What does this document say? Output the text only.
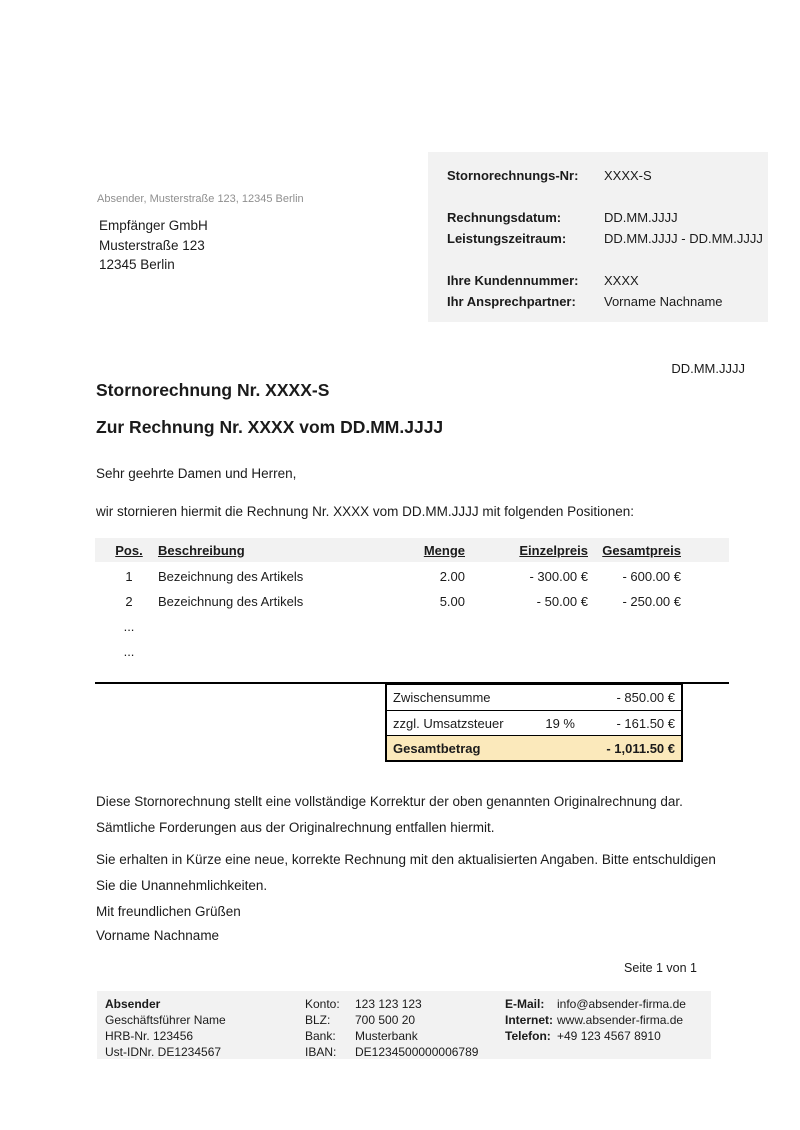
Stornorechnungs-Nr:	XXXX-S
Rechnungsdatum:	DD.MM.JJJJ
Leistungszeitraum:	DD.MM.JJJJ - DD.MM.JJJJ
Ihre Kundennummer:	XXXX
Ihr Ansprechpartner:	Vorname Nachname
Absender, Musterstraße 123, 12345 Berlin
Empfänger GmbH
Musterstraße 123
12345 Berlin
DD.MM.JJJJ
Stornorechnung Nr. XXXX-S
Zur Rechnung Nr. XXXX vom DD.MM.JJJJ
Sehr geehrte Damen und Herren,
wir stornieren hiermit die Rechnung Nr. XXXX vom DD.MM.JJJJ mit folgenden Positionen:
Pos.	Beschreibung	Menge	Einzelpreis	Gesamtpreis
1	Bezeichnung des Artikels	2.00	- 300.00 €	- 600.00 €
2	Bezeichnung des Artikels	5.00	- 50.00 €	- 250.00 €
...
...
Zwischensumme	- 850.00 €
zzgl. Umsatzsteuer	19 %	- 161.50 €
Gesamtbetrag	- 1,011.50 €
Diese Stornorechnung stellt eine vollständige Korrektur der oben genannten Originalrechnung dar. Sämtliche Forderungen aus der Originalrechnung entfallen hiermit.
Sie erhalten in Kürze eine neue, korrekte Rechnung mit den aktualisierten Angaben. Bitte entschuldigen Sie die Unannehmlichkeiten.
Mit freundlichen Grüßen
Vorname Nachname
Seite 1 von 1
Absender
Geschäftsführer Name
HRB-Nr. 123456
Ust-IDNr. DE1234567
Konto:	123 123 123
BLZ:	700 500 20
Bank:	Musterbank
IBAN:	DE1234500000006789
E-Mail:	info@absender-firma.de
Internet: www.absender-firma.de
Telefon: +49 123 4567 8910
